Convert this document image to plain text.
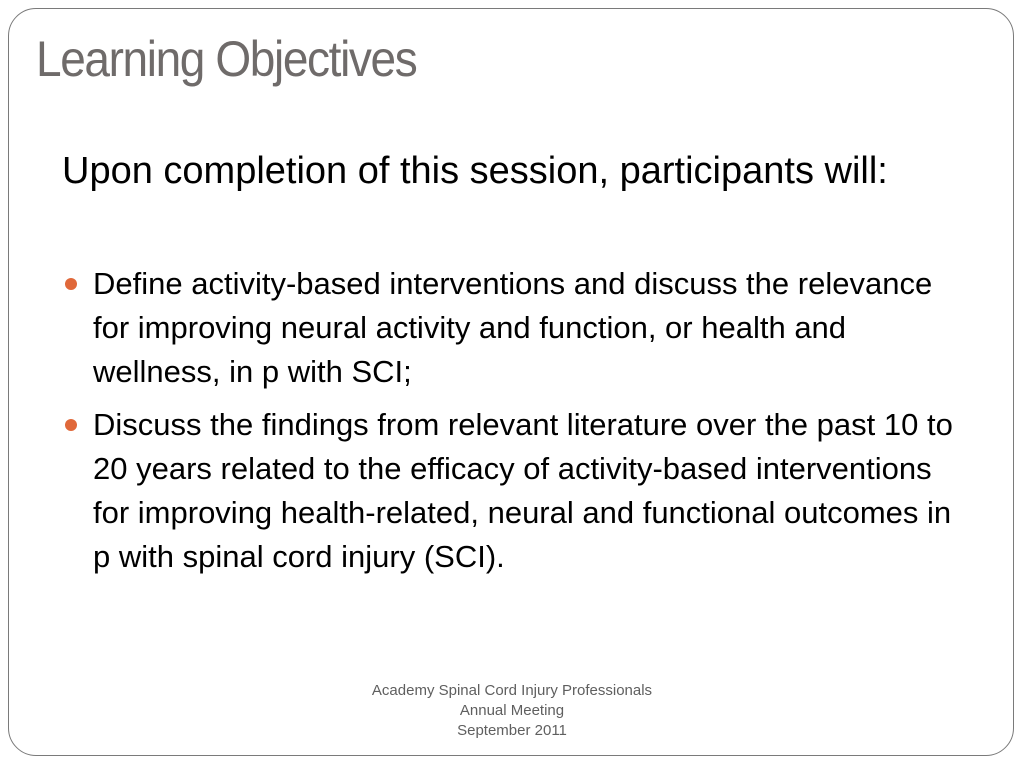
Learning Objectives

Upon completion of this session, participants will:

Define activity-based interventions and discuss the relevance for improving neural activity and function, or health and wellness, in p with SCI;
Discuss the findings from relevant literature over the past 10 to 20 years related to the efficacy of activity-based interventions for improving health-related, neural and functional outcomes in p with spinal cord injury (SCI).
Academy Spinal Cord Injury Professionals
Annual Meeting
September 2011
